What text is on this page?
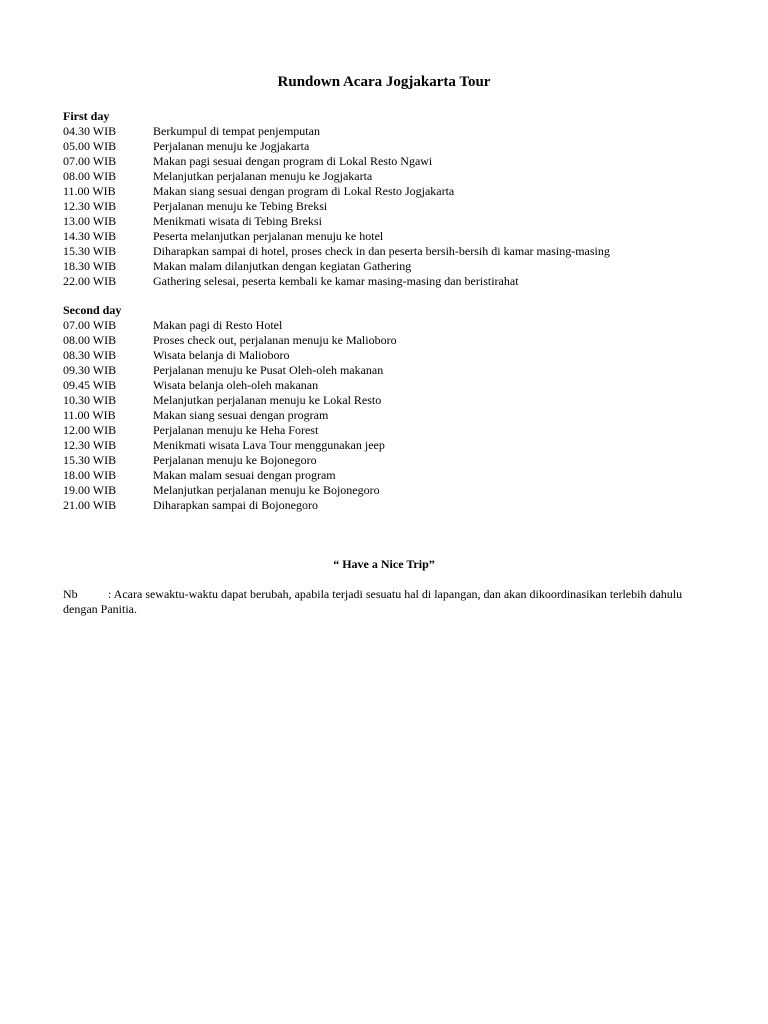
Rundown Acara Jogjakarta Tour
First day
04.30 WIB	Berkumpul di tempat penjemputan
05.00 WIB	Perjalanan menuju ke Jogjakarta
07.00 WIB	Makan pagi sesuai dengan program di Lokal Resto Ngawi
08.00 WIB	Melanjutkan perjalanan menuju ke Jogjakarta
11.00 WIB	Makan siang sesuai dengan program di Lokal Resto Jogjakarta
12.30 WIB	Perjalanan menuju ke Tebing Breksi
13.00 WIB	Menikmati wisata di Tebing Breksi
14.30 WIB	Peserta melanjutkan perjalanan menuju ke hotel
15.30 WIB	Diharapkan sampai di hotel, proses check in dan peserta bersih-bersih di kamar masing-masing
18.30 WIB	Makan malam dilanjutkan dengan kegiatan Gathering
22.00 WIB	Gathering selesai, peserta kembali ke kamar masing-masing dan beristirahat
Second day
07.00 WIB	Makan pagi di Resto Hotel
08.00 WIB	Proses check out, perjalanan menuju ke Malioboro
08.30 WIB	Wisata belanja di Malioboro
09.30 WIB	Perjalanan menuju ke Pusat Oleh-oleh makanan
09.45 WIB	Wisata belanja oleh-oleh makanan
10.30 WIB	Melanjutkan perjalanan menuju ke Lokal Resto
11.00 WIB	Makan siang sesuai dengan program
12.00 WIB	Perjalanan menuju ke Heha Forest
12.30 WIB	Menikmati wisata Lava Tour menggunakan jeep
15.30 WIB	Perjalanan menuju ke Bojonegoro
18.00 WIB	Makan malam sesuai dengan program
19.00 WIB	Melanjutkan perjalanan menuju ke Bojonegoro
21.00 WIB	Diharapkan sampai di Bojonegoro
“ Have a Nice Trip”
Nb	: Acara sewaktu-waktu dapat berubah, apabila terjadi sesuatu hal di lapangan, dan akan dikoordinasikan terlebih dahulu dengan Panitia.
